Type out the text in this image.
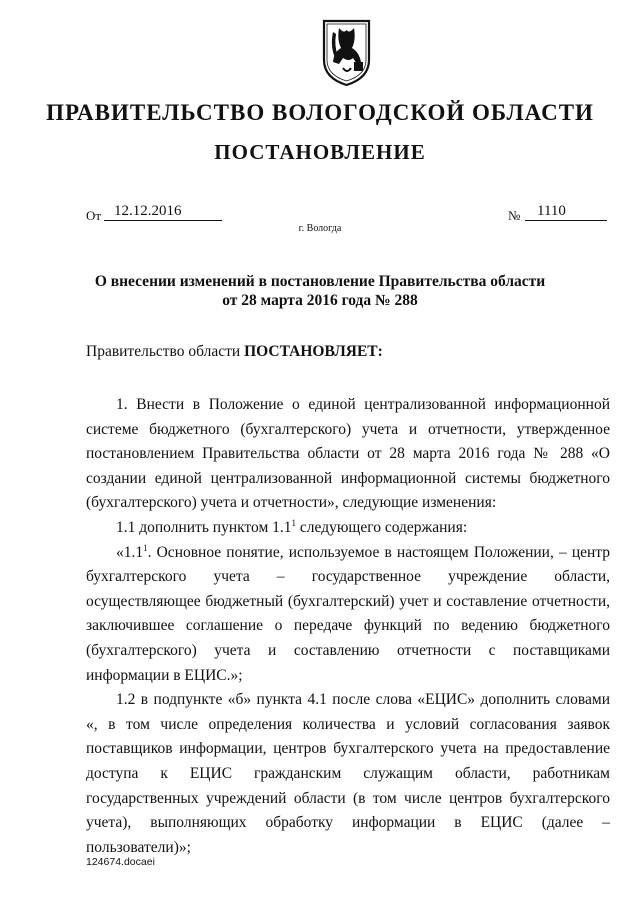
ПРАВИТЕЛЬСТВО ВОЛОГОДСКОЙ ОБЛАСТИ
ПОСТАНОВЛЕНИЕ
От 12.12.2016	№	1110
г. Вологда
О внесении изменений в постановление Правительства области
от 28 марта 2016 года № 288
Правительство области ПОСТАНОВЛЯЕТ:

1. Внести в Положение о единой централизованной информационной системе бюджетного (бухгалтерского) учета и отчетности, утвержденное постановлением Правительства области от 28 марта 2016 года № 288 «О создании единой централизованной информационной системы бюджетного (бухгалтерского) учета и отчетности», следующие изменения:

1.1 дополнить пунктом $1.1^1$ следующего содержания:

«$1.1^1$. Основное понятие, используемое в настоящем Положении, – центр бухгалтерского учета – государственное учреждение области, осуществляющее бюджетный (бухгалтерский) учет и составление отчетности, заключившее соглашение о передаче функций по ведению бюджетного (бухгалтерского) учета и составлению отчетности с поставщиками информации в ЕЦИС.»;

1.2 в подпункте «б» пункта 4.1 после слова «ЕЦИС» дополнить словами «, в том числе определения количества и условий согласования заявок поставщиков информации, центров бухгалтерского учета на предоставление доступа к ЕЦИС гражданским служащим области, работникам государственных учреждений области (в том числе центров бухгалтерского учета), выполняющих обработку информации в ЕЦИС (далее – пользователи)»;

124674.docaei
